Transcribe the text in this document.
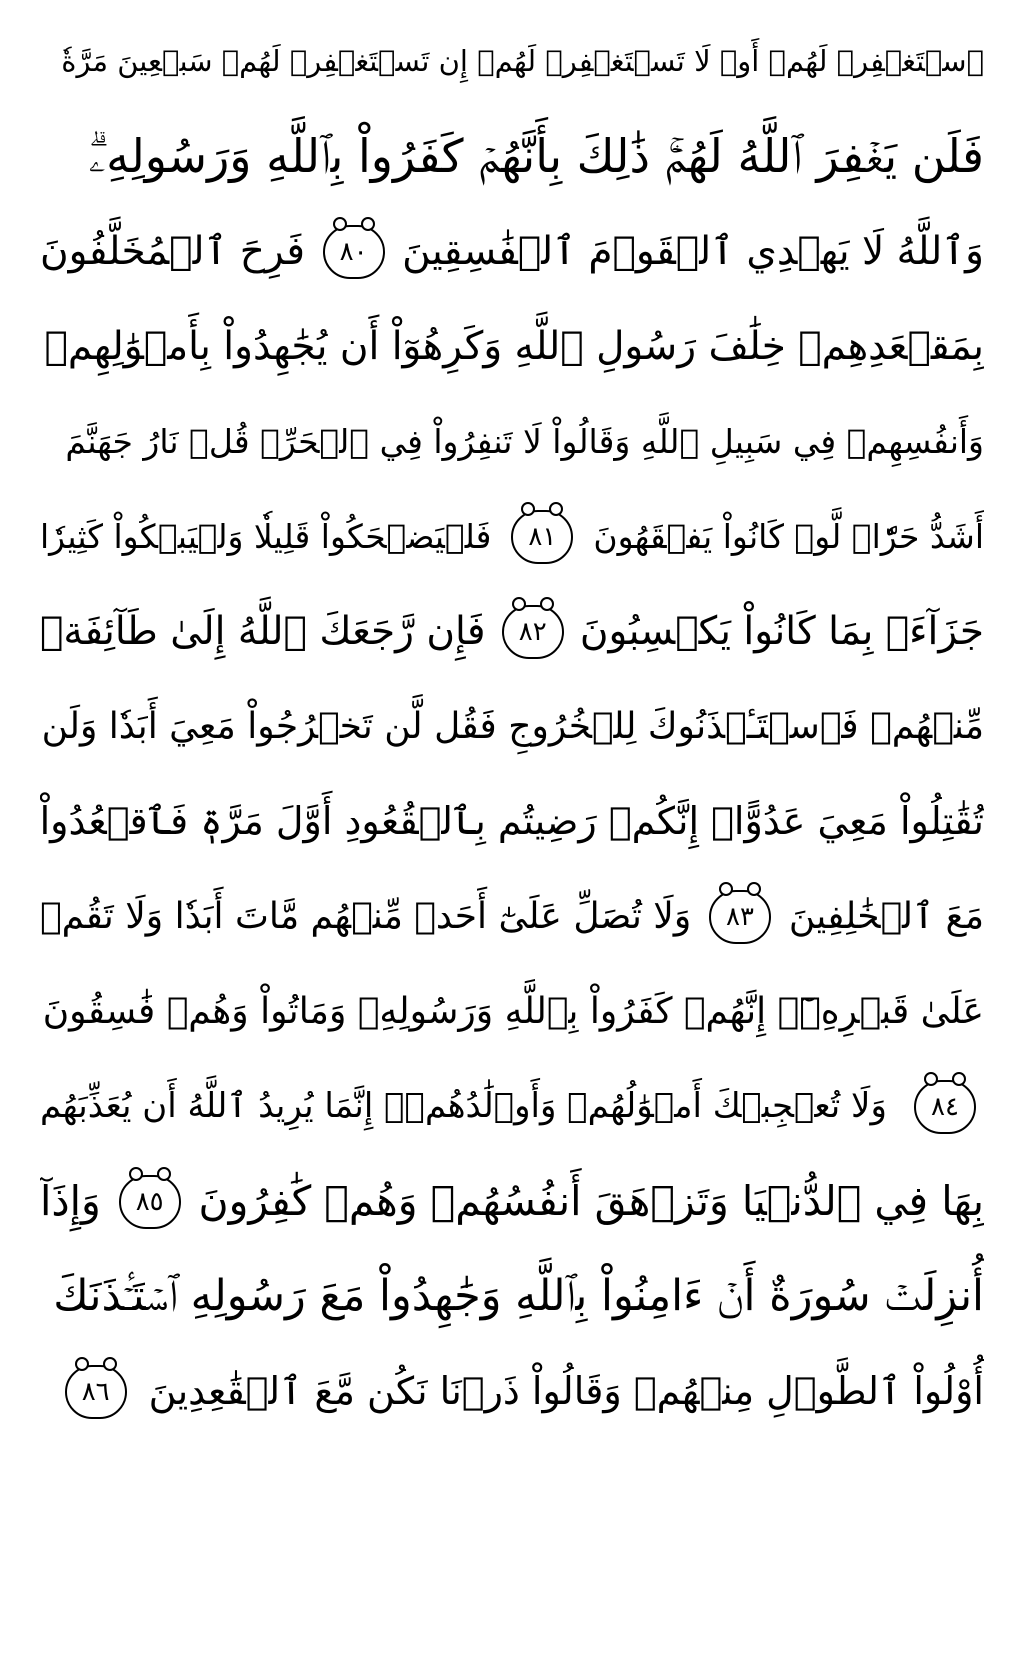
ٱسۡتَغۡفِرۡ لَهُمۡ أَوۡ لَا تَسۡتَغۡفِرۡ لَهُمۡ إِن تَسۡتَغۡفِرۡ لَهُمۡ سَبۡعِينَ مَرَّةٗ
فَلَن يَغۡفِرَ ٱللَّهُ لَهُمۡۚ ذَٰلِكَ بِأَنَّهُمۡ كَفَرُواْ بِٱللَّهِ وَرَسُولِهِۦۗ
وَٱللَّهُ لَا يَهۡدِي ٱلۡقَوۡمَ ٱلۡفَٰسِقِينَ
٨٠
فَرِحَ ٱلۡمُخَلَّفُونَ
بِمَقۡعَدِهِمۡ خِلَٰفَ رَسُولِ ٱللَّهِ وَكَرِهُوٓاْ أَن يُجَٰهِدُواْ بِأَمۡوَٰلِهِمۡ
وَأَنفُسِهِمۡ فِي سَبِيلِ ٱللَّهِ وَقَالُواْ لَا تَنفِرُواْ فِي ٱلۡحَرِّۗ قُلۡ نَارُ جَهَنَّمَ
أَشَدُّ حَرّٗاۚ لَّوۡ كَانُواْ يَفۡقَهُونَ
٨١
فَلۡيَضۡحَكُواْ قَلِيلٗا وَلۡيَبۡكُواْ كَثِيرٗا
جَزَآءَۢ بِمَا كَانُواْ يَكۡسِبُونَ
٨٢
فَإِن رَّجَعَكَ ٱللَّهُ إِلَىٰ طَآئِفَةٖ
مِّنۡهُمۡ فَٱسۡتَـٔۡذَنُوكَ لِلۡخُرُوجِ فَقُل لَّن تَخۡرُجُواْ مَعِيَ أَبَدٗا وَلَن
تُقَٰتِلُواْ مَعِيَ عَدُوًّاۖ إِنَّكُمۡ رَضِيتُم بِٱلۡقُعُودِ أَوَّلَ مَرَّةٖ فَٱقۡعُدُواْ
مَعَ ٱلۡخَٰلِفِينَ
٨٣
وَلَا تُصَلِّ عَلَىٰٓ أَحَدٖ مِّنۡهُم مَّاتَ أَبَدٗا وَلَا تَقُمۡ
عَلَىٰ قَبۡرِهِۦٓۖ إِنَّهُمۡ كَفَرُواْ بِٱللَّهِ وَرَسُولِهِۦ وَمَاتُواْ وَهُمۡ فَٰسِقُونَ
٨٤
وَلَا تُعۡجِبۡكَ أَمۡوَٰلُهُمۡ وَأَوۡلَٰدُهُمۡۚ إِنَّمَا يُرِيدُ ٱللَّهُ أَن يُعَذِّبَهُم
بِهَا فِي ٱلدُّنۡيَا وَتَزۡهَقَ أَنفُسُهُمۡ وَهُمۡ كَٰفِرُونَ
٨٥
وَإِذَآ
أُنزِلَتۡ سُورَةٌ أَنۡ ءَامِنُواْ بِٱللَّهِ وَجَٰهِدُواْ مَعَ رَسُولِهِ ٱسۡتَـٔۡذَنَكَ
أُوْلُواْ ٱلطَّوۡلِ مِنۡهُمۡ وَقَالُواْ ذَرۡنَا نَكُن مَّعَ ٱلۡقَٰعِدِينَ
٨٦
